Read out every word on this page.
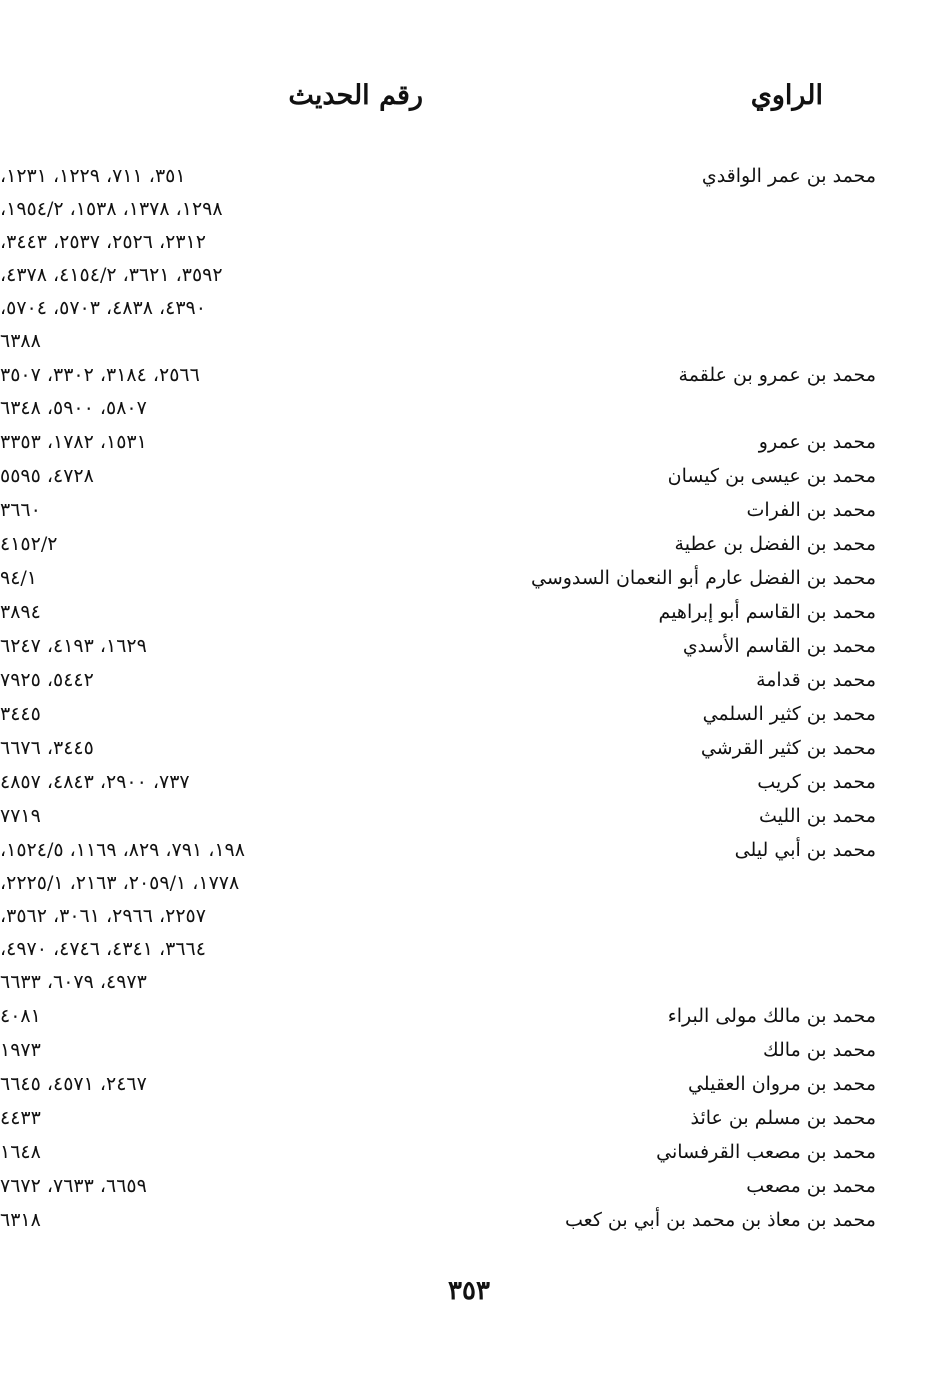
الراوي
رقم الحديث
محمد بن عمر الواقدي
٣٥١، ٧١١، ١٢٢٩، ١٢٣١،
١٢٩٨، ١٣٧٨، ١٥٣٨، ١٩٥٤/٢،
٢٣١٢، ٢٥٢٦، ٢٥٣٧، ٣٤٤٣،
٣٥٩٢، ٣٦٢١، ٤١٥٤/٢، ٤٣٧٨،
٤٣٩٠، ٤٨٣٨، ٥٧٠٣، ٥٧٠٤،
٦٣٨٨
محمد بن عمرو بن علقمة
٢٥٦٦، ٣١٨٤، ٣٣٠٢، ٣٥٠٧
٥٨٠٧، ٥٩٠٠، ٦٣٤٨
محمد بن عمرو
١٥٣١، ١٧٨٢، ٣٣٥٣
محمد بن عيسى بن كيسان
٤٧٢٨، ٥٥٩٥
محمد بن الفرات
٣٦٦٠
محمد بن الفضل بن عطية
٤١٥٢/٢
محمد بن الفضل عارم أبو النعمان السدوسي
٩٤/١
محمد بن القاسم أبو إبراهيم
٣٨٩٤
محمد بن القاسم الأسدي
١٦٢٩، ٤١٩٣، ٦٢٤٧
محمد بن قدامة
٥٤٤٢، ٧٩٢٥
محمد بن كثير السلمي
٣٤٤٥
محمد بن كثير القرشي
٣٤٤٥، ٦٦٧٦
محمد بن كريب
٧٣٧، ٢٩٠٠، ٤٨٤٣، ٤٨٥٧
محمد بن الليث
٧٧١٩
محمد بن أبي ليلى
١٩٨، ٧٩١، ٨٢٩، ١١٦٩، ١٥٢٤/٥،
١٧٧٨، ٢٠٥٩/١، ٢١٦٣، ٢٢٢٥/١،
٢٢٥٧، ٢٩٦٦، ٣٠٦١، ٣٥٦٢،
٣٦٦٤، ٤٣٤١، ٤٧٤٦، ٤٩٧٠،
٤٩٧٣، ٦٠٧٩، ٦٦٣٣
محمد بن مالك مولى البراء
٤٠٨١
محمد بن مالك
١٩٧٣
محمد بن مروان العقيلي
٢٤٦٧، ٤٥٧١، ٦٦٤٥
محمد بن مسلم بن عائذ
٤٤٣٣
محمد بن مصعب القرفساني
١٦٤٨
محمد بن مصعب
٦٦٥٩، ٧٦٣٣، ٧٦٧٢
محمد بن معاذ بن محمد بن أبي بن كعب
٦٣١٨
٣٥٣
